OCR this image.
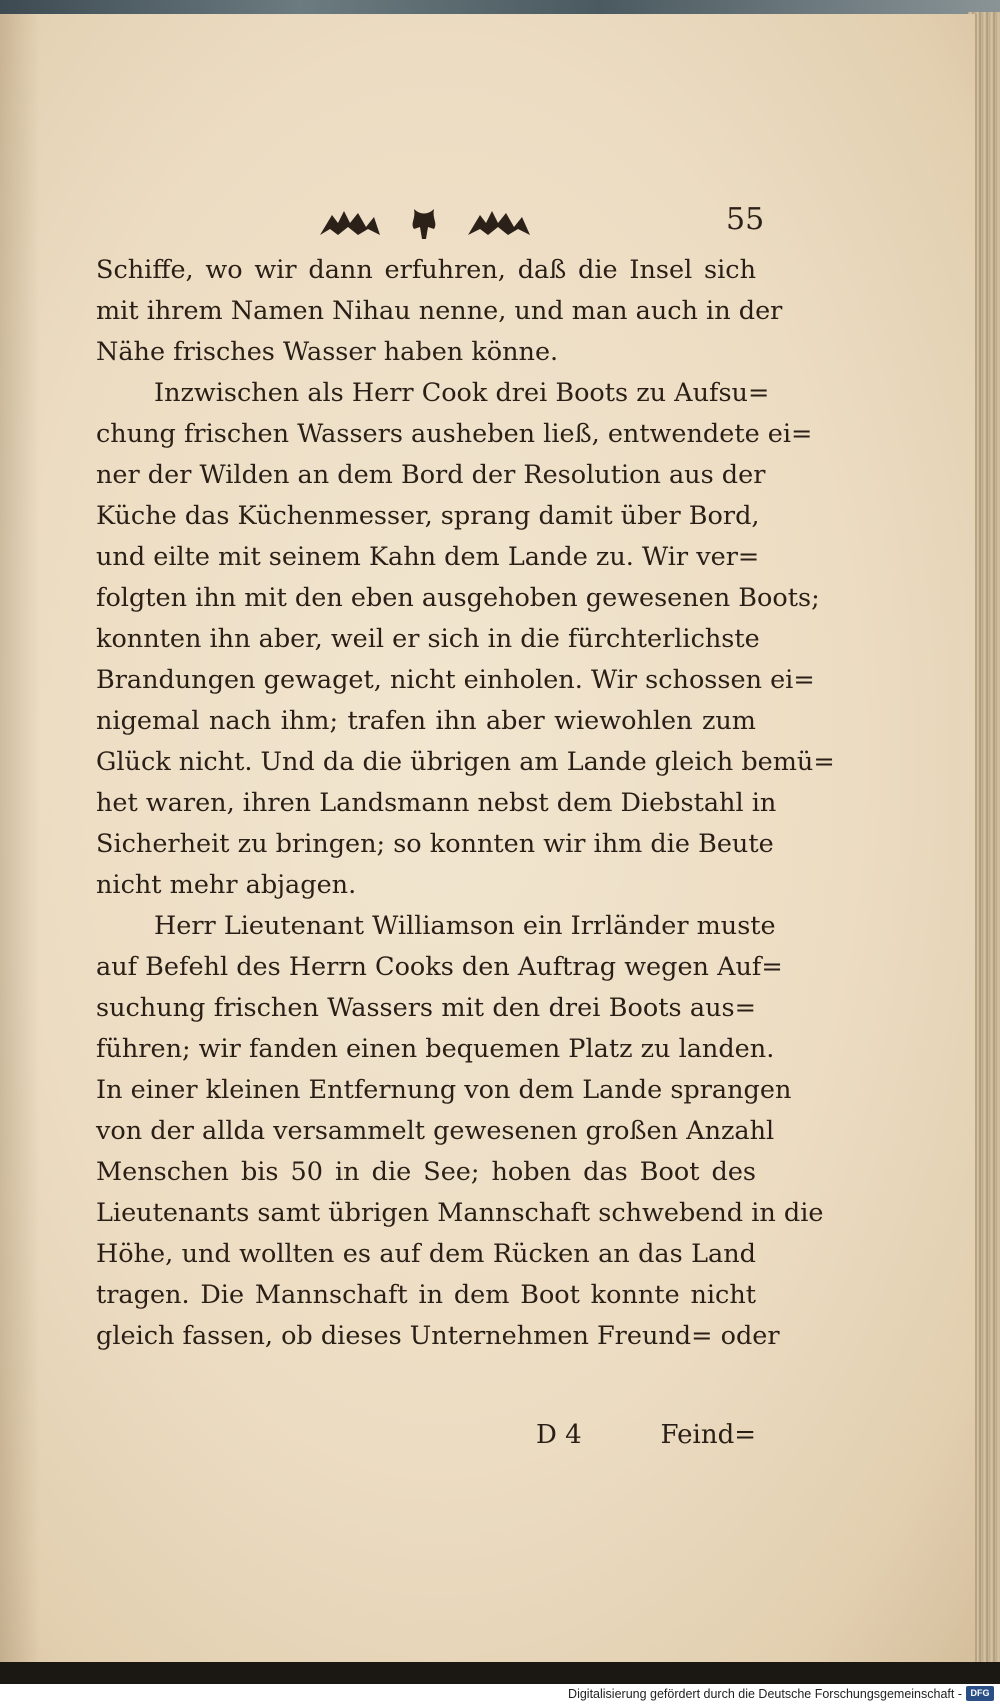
55
Schiffe, wo wir dann erfuhren, daß die Insel sich
mit ihrem Namen Nihau nenne, und man auch in der
Nähe frisches Wasser haben könne.
Inzwischen als Herr Cook drei Boots zu Aufsu=
chung frischen Wassers ausheben ließ, entwendete ei=
ner der Wilden an dem Bord der Resolution aus der
Küche das Küchenmesser, sprang damit über Bord,
und eilte mit seinem Kahn dem Lande zu. Wir ver=
folgten ihn mit den eben ausgehoben gewesenen Boots;
konnten ihn aber, weil er sich in die fürchterlichste
Brandungen gewaget, nicht einholen. Wir schossen ei=
nigemal nach ihm; trafen ihn aber wiewohlen zum
Glück nicht. Und da die übrigen am Lande gleich bemü=
het waren, ihren Landsmann nebst dem Diebstahl in
Sicherheit zu bringen; so konnten wir ihm die Beute
nicht mehr abjagen.
Herr Lieutenant Williamson ein Irrländer muste
auf Befehl des Herrn Cooks den Auftrag wegen Auf=
suchung frischen Wassers mit den drei Boots aus=
führen; wir fanden einen bequemen Platz zu landen.
In einer kleinen Entfernung von dem Lande sprangen
von der allda versammelt gewesenen großen Anzahl
Menschen bis 50 in die See; hoben das Boot des
Lieutenants samt übrigen Mannschaft schwebend in die
Höhe, und wollten es auf dem Rücken an das Land
tragen. Die Mannschaft in dem Boot konnte nicht
gleich fassen, ob dieses Unternehmen Freund= oder
D 4	Feind=
Digitalisierung gefördert durch die Deutsche Forschungsgemeinschaft - DFG
